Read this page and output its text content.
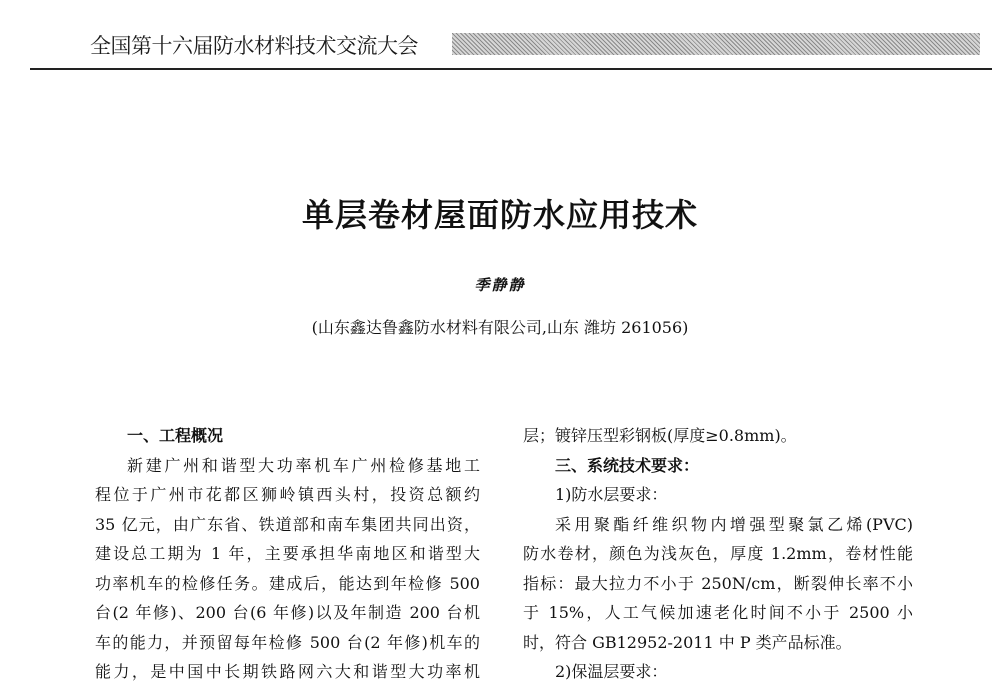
全国第十六届防水材料技术交流大会
单层卷材屋面防水应用技术
季静静
(山东鑫达鲁鑫防水材料有限公司,山东 潍坊 261056)
一、工程概况
新建广州和谐型大功率机车广州检修基地工
程位于广州市花都区狮岭镇西头村，投资总额约
35 亿元，由广东省、铁道部和南车集团共同出资，
建设总工期为 1 年，主要承担华南地区和谐型大
功率机车的检修任务。建成后，能达到年检修 500
台(2 年修)、200 台(6 年修)以及年制造 200 台机
车的能力，并预留每年检修 500 台(2 年修)机车的
能力，是中国中长期铁路网六大和谐型大功率机
层；镀锌压型彩钢板(厚度≥0.8mm)。
三、系统技术要求：
1)防水层要求：
采用聚酯纤维织物内增强型聚氯乙烯(PVC)
防水卷材，颜色为浅灰色，厚度 1.2mm，卷材性能
指标：最大拉力不小于 250N/cm，断裂伸长率不小
于 15%，人工气候加速老化时间不小于 2500 小
时，符合 GB12952-2011 中 P 类产品标准。
2)保温层要求：
